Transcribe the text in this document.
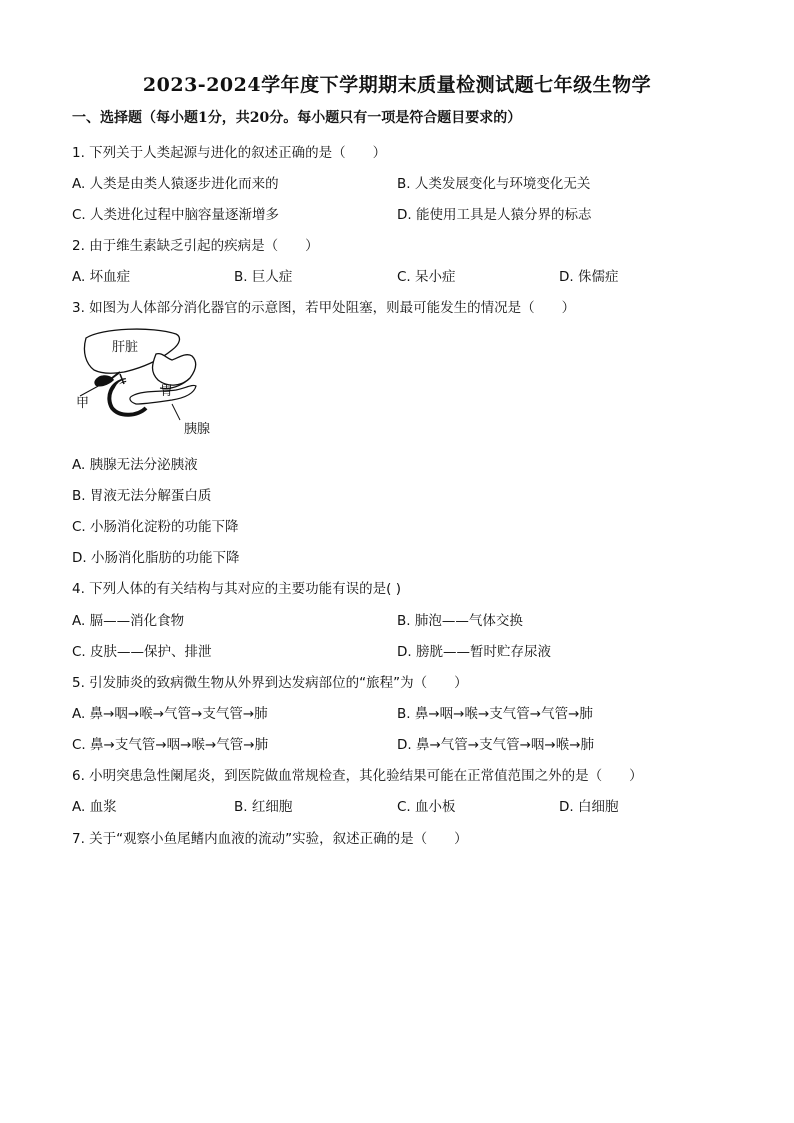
2023-2024学年度下学期期末质量检测试题七年级生物学
一、选择题（每小题1分，共20分。每小题只有一项是符合题目要求的）
1. 下列关于人类起源与进化的叙述正确的是（　　）
A. 人类是由类人猿逐步进化而来的	B. 人类发展变化与环境变化无关
C. 人类进化过程中脑容量逐渐增多	D. 能使用工具是人猿分界的标志
2. 由于维生素缺乏引起的疾病是（　　）
A. 坏血症	B. 巨人症	C. 呆小症	D. 侏儒症
3. 如图为人体部分消化器官的示意图，若甲处阻塞，则最可能发生的情况是（　　）
肝脏
胃
甲
胰腺
A. 胰腺无法分泌胰液
B. 胃液无法分解蛋白质
C. 小肠消化淀粉的功能下降
D. 小肠消化脂肪的功能下降
4. 下列人体的有关结构与其对应的主要功能有误的是( )
A. 膈——消化食物	B. 肺泡——气体交换
C. 皮肤——保护、排泄	D. 膀胱——暂时贮存尿液
5. 引发肺炎的致病微生物从外界到达发病部位的“旅程”为（　　）
A. 鼻→咽→喉→气管→支气管→肺	B. 鼻→咽→喉→支气管→气管→肺
C. 鼻→支气管→咽→喉→气管→肺	D. 鼻→气管→支气管→咽→喉→肺
6. 小明突患急性阑尾炎，到医院做血常规检查，其化验结果可能在正常值范围之外的是（　　）
A. 血浆	B. 红细胞	C. 血小板	D. 白细胞
7. 关于“观察小鱼尾鳍内血液的流动”实验，叙述正确的是（　　）
